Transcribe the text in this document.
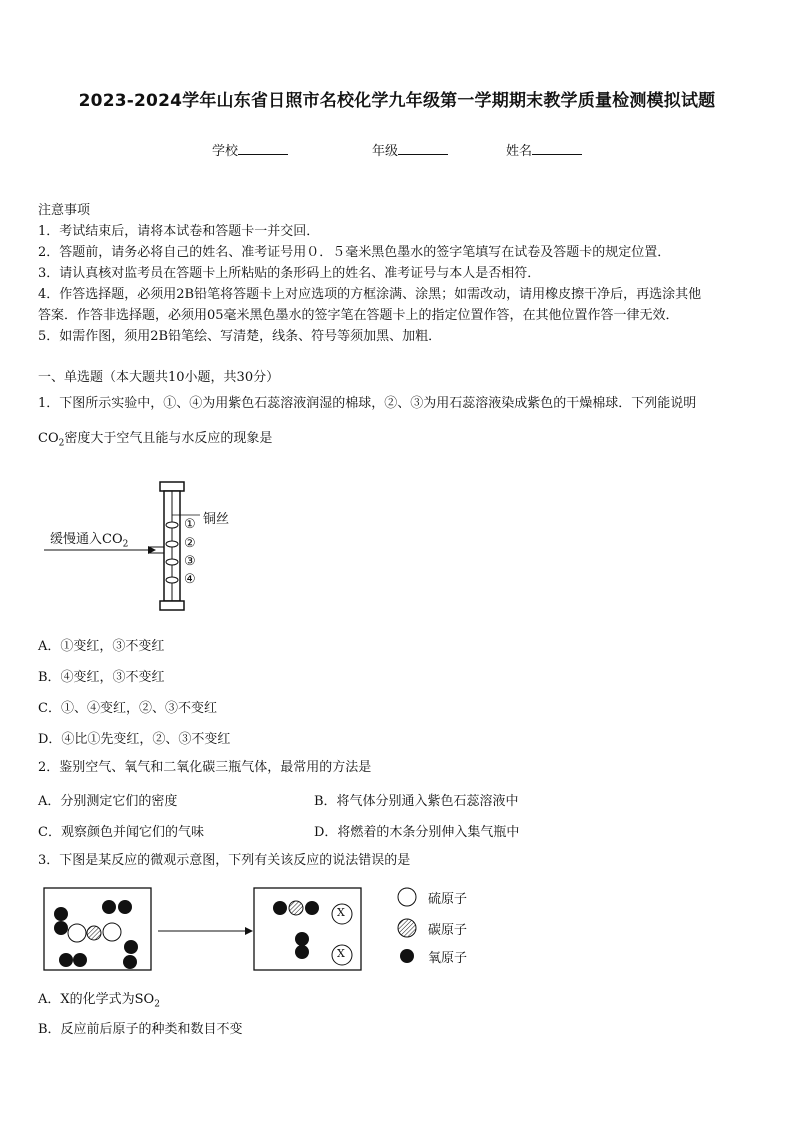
2023-2024学年山东省日照市名校化学九年级第一学期期末教学质量检测模拟试题
学校	年级	姓名
注意事项
1．考试结束后，请将本试卷和答题卡一并交回．
2．答题前，请务必将自己的姓名、准考证号用０．５毫米黑色墨水的签字笔填写在试卷及答题卡的规定位置．
3．请认真核对监考员在答题卡上所粘贴的条形码上的姓名、准考证号与本人是否相符．
4．作答选择题，必须用2B铅笔将答题卡上对应选项的方框涂满、涂黑；如需改动，请用橡皮擦干净后，再选涂其他
答案．作答非选择题，必须用05毫米黑色墨水的签字笔在答题卡上的指定位置作答，在其他位置作答一律无效．
5．如需作图，须用2B铅笔绘、写清楚，线条、符号等须加黑、加粗．
一、单选题（本大题共10小题，共30分）
1．下图所示实验中，①、④为用紫色石蕊溶液润湿的棉球，②、③为用石蕊溶液染成紫色的干燥棉球．下列能说明
$CO_2$密度大于空气且能与水反应的现象是
缓慢通入$CO_2$
铜丝
①
②
③
④
A．①变红，③不变红
B．④变红，③不变红
C．①、④变红，②、③不变红
D．④比①先变红，②、③不变红
2．鉴别空气、氧气和二氧化碳三瓶气体，最常用的方法是
A．分别测定它们的密度	B．将气体分别通入紫色石蕊溶液中
C．观察颜色并闻它们的气味	D．将燃着的木条分别伸入集气瓶中
3．下图是某反应的微观示意图，下列有关该反应的说法错误的是
X
X
硫原子
碳原子
氧原子
A．X的化学式为$SO_2$
B．反应前后原子的种类和数目不变
